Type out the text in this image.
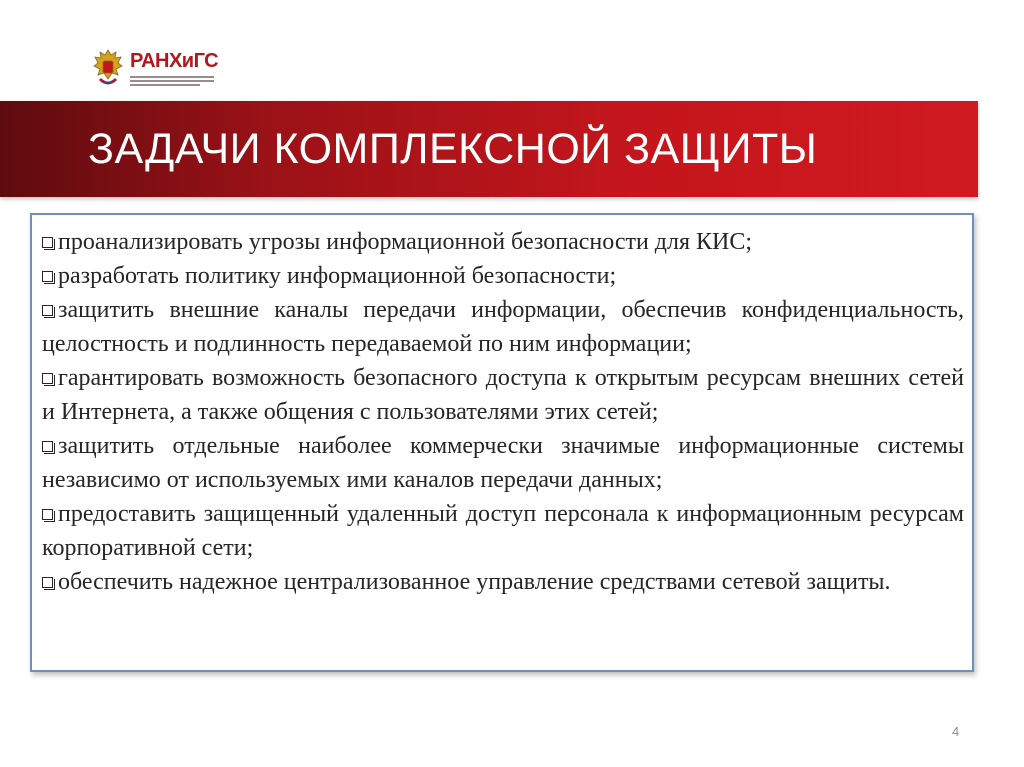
РАНХиГС
ЗАДАЧИ КОМПЛЕКСНОЙ ЗАЩИТЫ

проанализировать угрозы информационной безопасности для КИС;

разработать политику информационной безопасности;

защитить внешние каналы передачи информации, обеспечив конфиденциальность, целостность и подлинность передаваемой по ним информации;

гарантировать возможность безопасного доступа к открытым ресурсам внешних сетей и Интернета, а также общения с пользователями этих сетей;

защитить отдельные наиболее коммерчески значимые информационные системы независимо от используемых ими каналов передачи данных;

предоставить защищенный удаленный доступ персонала к информационным ресурсам корпоративной сети;

обеспечить надежное централизованное управление средствами сетевой защиты.

4
